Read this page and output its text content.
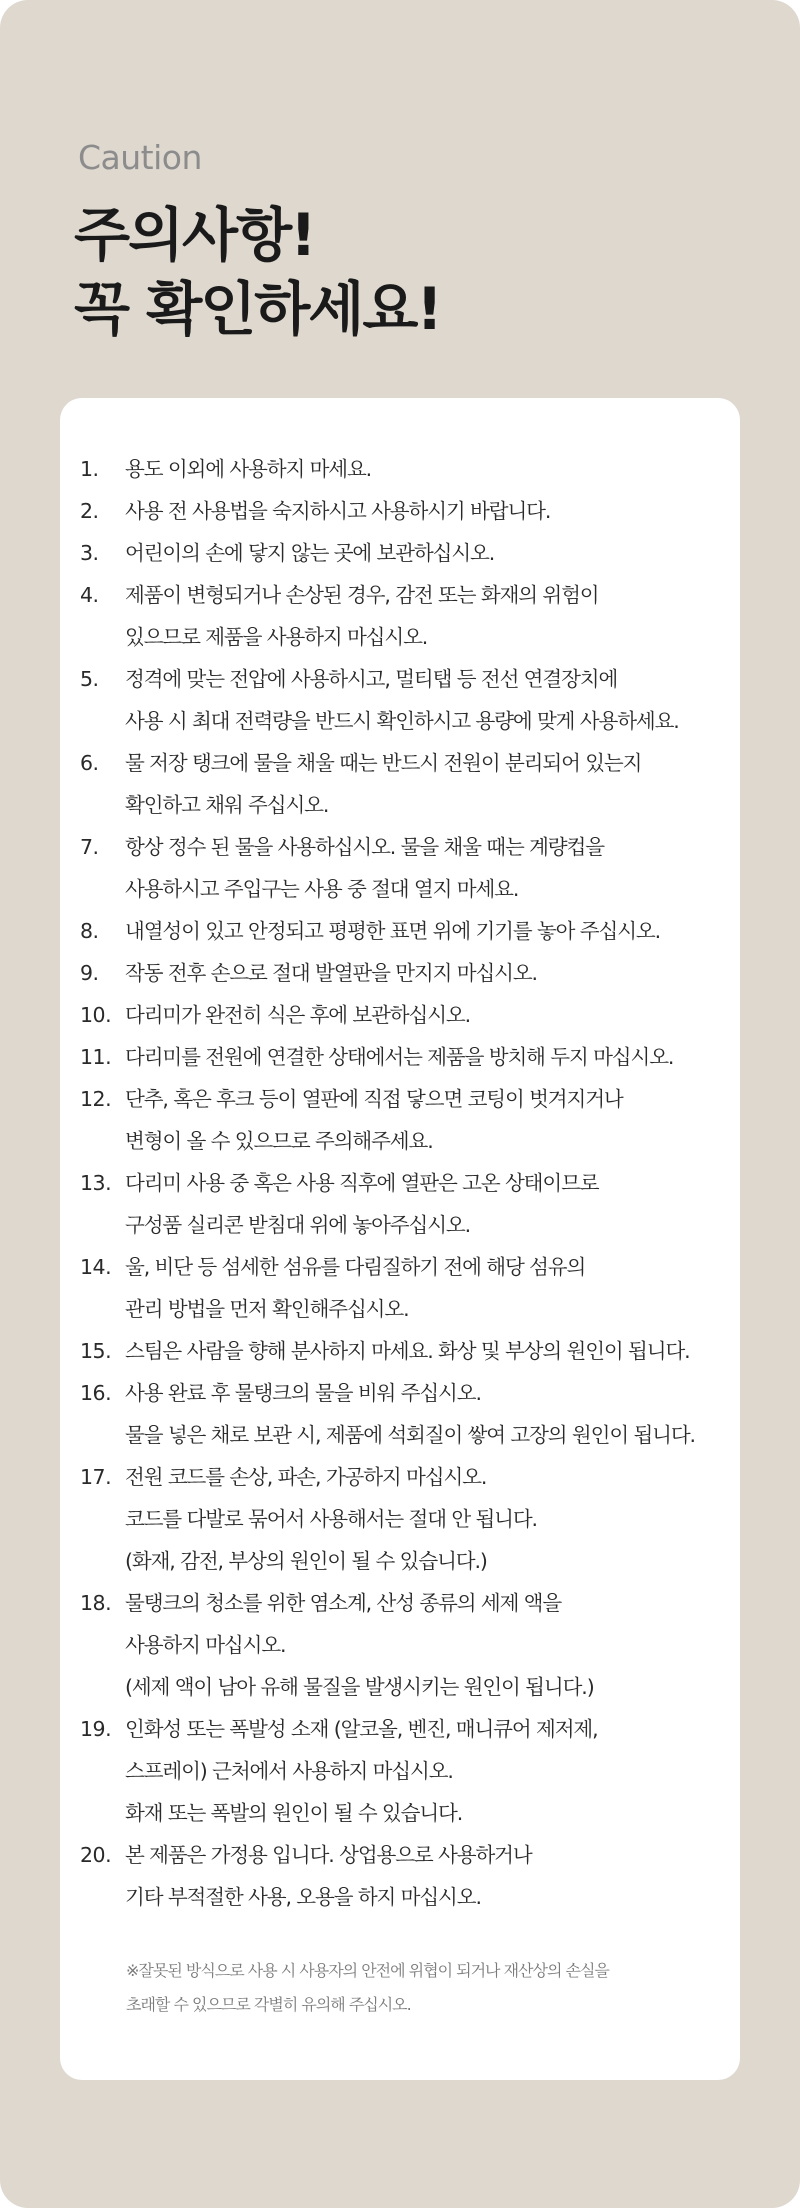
Caution
주의사항!
꼭 확인하세요!
1.	용도 이외에 사용하지 마세요.
2.	사용 전 사용법을 숙지하시고 사용하시기 바랍니다.
3.	어린이의 손에 닿지 않는 곳에 보관하십시오.
4.	제품이 변형되거나 손상된 경우, 감전 또는 화재의 위험이
있으므로 제품을 사용하지 마십시오.
5.	정격에 맞는 전압에 사용하시고, 멀티탭 등 전선 연결장치에
사용 시 최대 전력량을 반드시 확인하시고 용량에 맞게 사용하세요.
6.	물 저장 탱크에 물을 채울 때는 반드시 전원이 분리되어 있는지
확인하고 채워 주십시오.
7.	항상 정수 된 물을 사용하십시오. 물을 채울 때는 계량컵을
사용하시고 주입구는 사용 중 절대 열지 마세요.
8.	내열성이 있고 안정되고 평평한 표면 위에 기기를 놓아 주십시오.
9.	작동 전후 손으로 절대 발열판을 만지지 마십시오.
10. 다리미가 완전히 식은 후에 보관하십시오.
11. 다리미를 전원에 연결한 상태에서는 제품을 방치해 두지 마십시오.
12. 단추, 혹은 후크 등이 열판에 직접 닿으면 코팅이 벗겨지거나
변형이 올 수 있으므로 주의해주세요.
13. 다리미 사용 중 혹은 사용 직후에 열판은 고온 상태이므로
구성품 실리콘 받침대 위에 놓아주십시오.
14. 울, 비단 등 섬세한 섬유를 다림질하기 전에 해당 섬유의
관리 방법을 먼저 확인해주십시오.
15. 스팀은 사람을 향해 분사하지 마세요. 화상 및 부상의 원인이 됩니다.
16. 사용 완료 후 물탱크의 물을 비워 주십시오.
물을 넣은 채로 보관 시, 제품에 석회질이 쌓여 고장의 원인이 됩니다.
17. 전원 코드를 손상, 파손, 가공하지 마십시오.
코드를 다발로 묶어서 사용해서는 절대 안 됩니다.
(화재, 감전, 부상의 원인이 될 수 있습니다.)
18. 물탱크의 청소를 위한 염소계, 산성 종류의 세제 액을
사용하지 마십시오.
(세제 액이 남아 유해 물질을 발생시키는 원인이 됩니다.)
19. 인화성 또는 폭발성 소재 (알코올, 벤진, 매니큐어 제저제,
스프레이) 근처에서 사용하지 마십시오.
화재 또는 폭발의 원인이 될 수 있습니다.
20. 본 제품은 가정용 입니다. 상업용으로 사용하거나
기타 부적절한 사용, 오용을 하지 마십시오.
※잘못된 방식으로 사용 시 사용자의 안전에 위협이 되거나 재산상의 손실을
초래할 수 있으므로 각별히 유의해 주십시오.
